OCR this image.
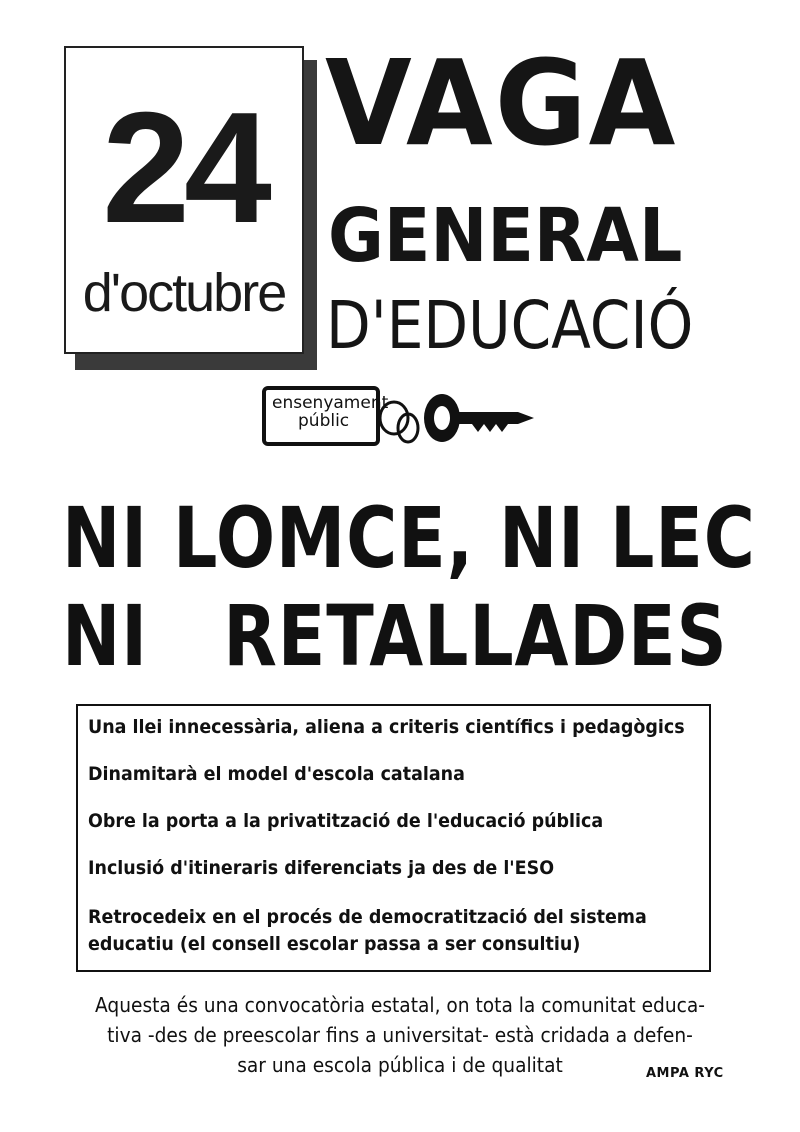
24
d'octubre
VAGA
GENERAL
D'EDUCACIÓ
ensenyament
públic
NI LOMCE, NI LEC
NI   RETALLADES
Una llei innecessària, aliena a criteris científics i pedagògics
Dinamitarà el model d'escola catalana
Obre la porta a la privatització de l'educació pública
Inclusió d'itineraris diferenciats ja des de l'ESO
Retrocedeix en el procés de democratització del sistema
educatiu (el consell escolar passa a ser consultiu)
Aquesta és una convocatòria estatal, on tota la comunitat educa-
tiva -des de preescolar fins a universitat- està cridada a defen-
sar una escola pública i de qualitat	AMPA RYC
